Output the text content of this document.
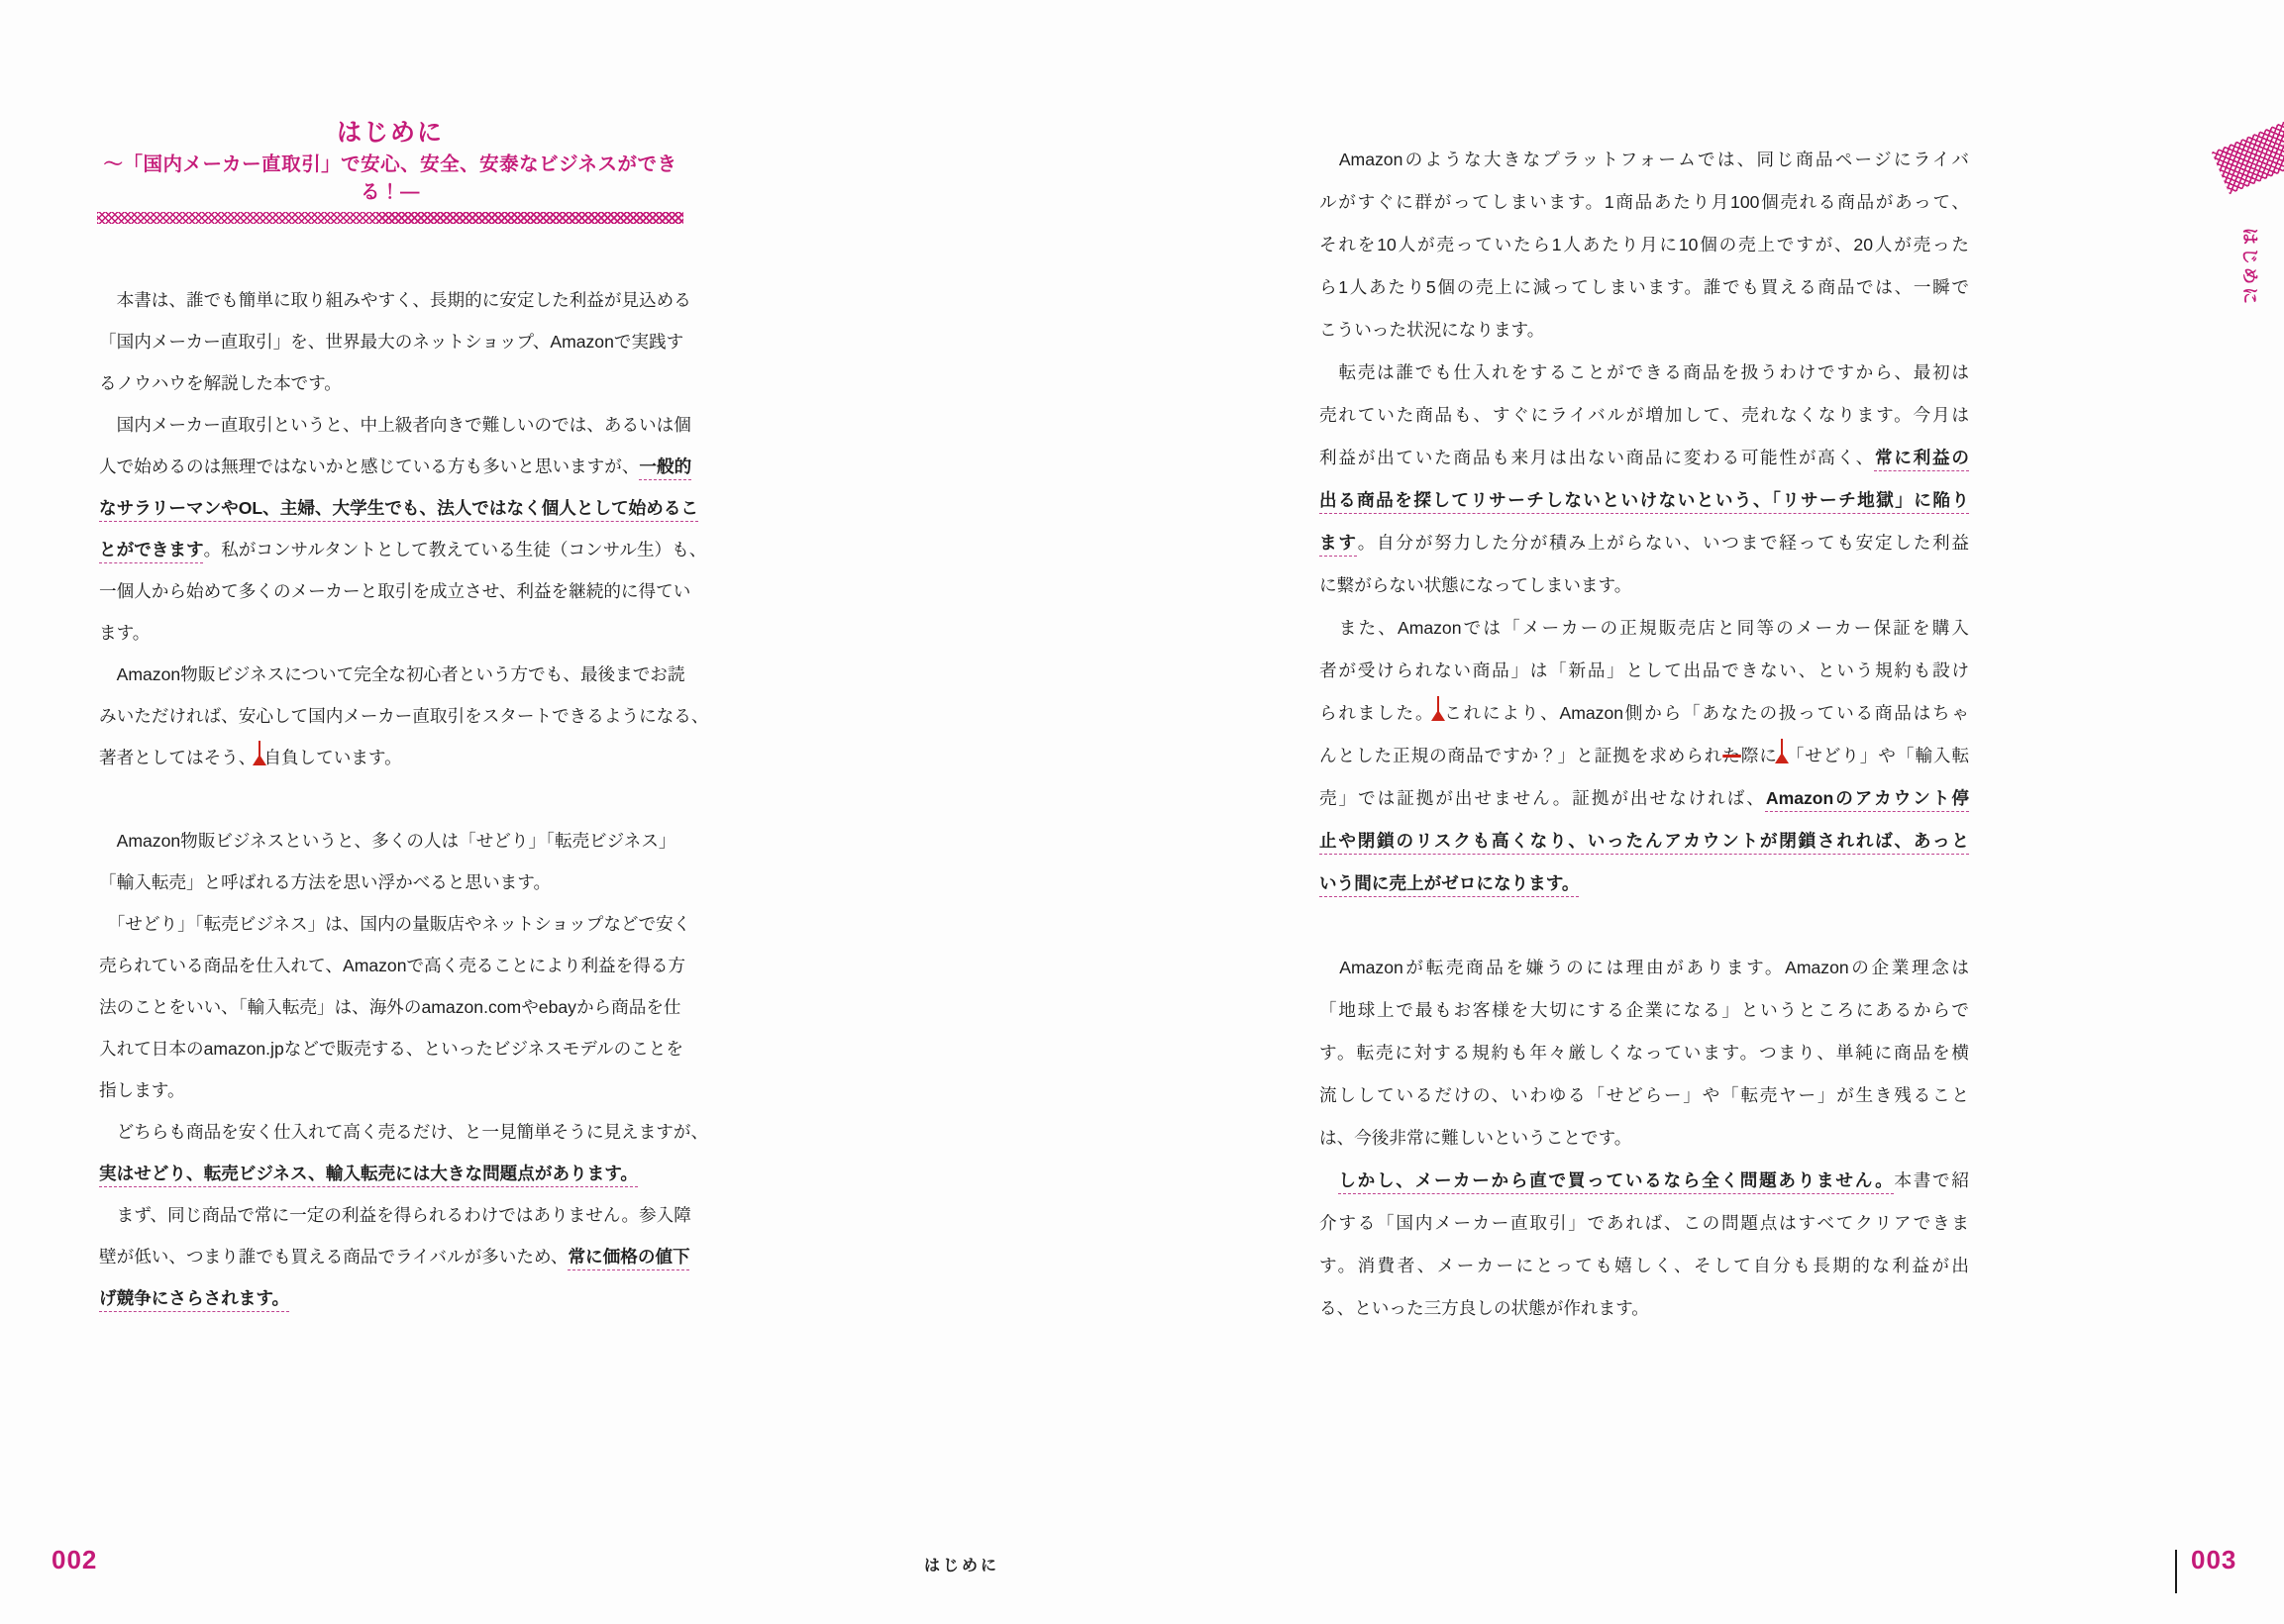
はじめに
〜「国内メーカー直取引」で安心、安全、安泰なビジネスができる！—
　本書は、誰でも簡単に取り組みやすく、長期的に安定した利益が見込める
「国内メーカー直取引」を、世界最大のネットショップ、Amazonで実践す
るノウハウを解説した本です。
　国内メーカー直取引というと、中上級者向きで難しいのでは、あるいは個
人で始めるのは無理ではないかと感じている方も多いと思いますが、一般的
なサラリーマンやOL、主婦、大学生でも、法人ではなく個人として始めるこ
とができます。私がコンサルタントとして教えている生徒（コンサル生）も、
一個人から始めて多くのメーカーと取引を成立させ、利益を継続的に得てい
ます。
　Amazon物販ビジネスについて完全な初心者という方でも、最後までお読
みいただければ、安心して国内メーカー直取引をスタートできるようになる、
著者としてはそう、 自負しています。
　Amazon物販ビジネスというと、多くの人は「せどり」「転売ビジネス」
「輸入転売」と呼ばれる方法を思い浮かべると思います。
　「せどり」「転売ビジネス」は、国内の量販店やネットショップなどで安く
売られている商品を仕入れて、Amazonで高く売ることにより利益を得る方
法のことをいい、「輸入転売」は、海外のamazon.comやebayから商品を仕
入れて日本のamazon.jpなどで販売する、といったビジネスモデルのことを
指します。
　どちらも商品を安く仕入れて高く売るだけ、と一見簡単そうに見えますが、
実はせどり、転売ビジネス、輸入転売には大きな問題点があります。
　まず、同じ商品で常に一定の利益を得られるわけではありません。参入障
壁が低い、つまり誰でも買える商品でライバルが多いため、常に価格の値下
げ競争にさらされます。
　Amazonのような大きなプラットフォームでは、同じ商品ページにライバ
ルがすぐに群がってしまいます。1商品あたり月100個売れる商品があって、
それを10人が売っていたら1人あたり月に10個の売上ですが、20人が売った
ら1人あたり5個の売上に減ってしまいます。誰でも買える商品では、一瞬で
こういった状況になります。
　転売は誰でも仕入れをすることができる商品を扱うわけですから、最初は
売れていた商品も、すぐにライバルが増加して、売れなくなります。今月は
利益が出ていた商品も来月は出ない商品に変わる可能性が高く、常に利益の
出る商品を探してリサーチしないといけないという、「リサーチ地獄」に陥り
ます。自分が努力した分が積み上がらない、いつまで経っても安定した利益
に繋がらない状態になってしまいます。
　また、Amazonでは「メーカーの正規販売店と同等のメーカー保証を購入
者が受けられない商品」は「新品」として出品できない、という規約も設け
られました。 これにより、Amazon側から「あなたの扱っている商品はちゃ
んとした正規の商品ですか？」と証拠を求められた際に 「せどり」や「輸入転
売」では証拠が出せません。証拠が出せなければ、Amazonのアカウント停
止や閉鎖のリスクも高くなり、いったんアカウントが閉鎖されれば、あっと
いう間に売上がゼロになります。
　Amazonが転売商品を嫌うのには理由があります。Amazonの企業理念は
「地球上で最もお客様を大切にする企業になる」というところにあるからで
す。転売に対する規約も年々厳しくなっています。つまり、単純に商品を横
流ししているだけの、いわゆる「せどらー」や「転売ヤー」が生き残ること
は、今後非常に難しいということです。
　しかし、メーカーから直で買っているなら全く問題ありません。本書で紹
介する「国内メーカー直取引」であれば、この問題点はすべてクリアできま
す。消費者、メーカーにとっても嬉しく、そして自分も長期的な利益が出
る、といった三方良しの状態が作れます。
はじめに
002	はじめに	003
